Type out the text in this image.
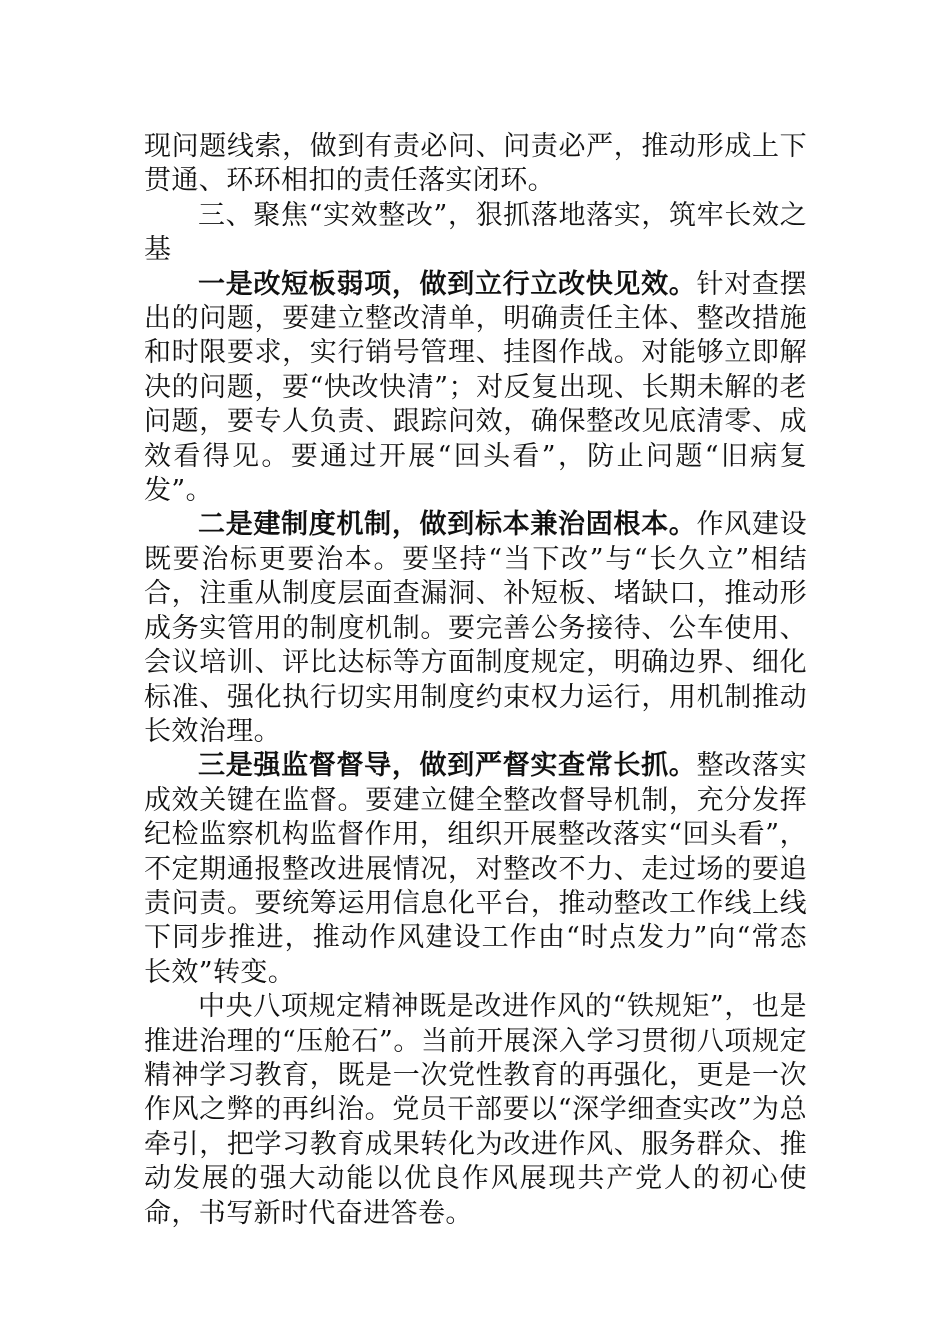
现问题线索，做到有责必问、问责必严，推动形成上下贯通、环环相扣的责任落实闭环。

三、聚焦“实效整改”，狠抓落地落实，筑牢长效之基

一是改短板弱项，做到立行立改快见效。针对查摆出的问题，要建立整改清单，明确责任主体、整改措施和时限要求，实行销号管理、挂图作战。对能够立即解决的问题，要“快改快清”；对反复出现、长期未解的老问题，要专人负责、跟踪问效，确保整改见底清零、成效看得见。要通过开展“回头看”，防止问题“旧病复发”。

二是建制度机制，做到标本兼治固根本。作风建设既要治标更要治本。要坚持“当下改”与“长久立”相结合，注重从制度层面查漏洞、补短板、堵缺口，推动形成务实管用的制度机制。要完善公务接待、公车使用、会议培训、评比达标等方面制度规定，明确边界、细化标准、强化执行切实用制度约束权力运行，用机制推动长效治理。

三是强监督督导，做到严督实查常长抓。整改落实成效关键在监督。要建立健全整改督导机制，充分发挥纪检监察机构监督作用，组织开展整改落实“回头看”，不定期通报整改进展情况，对整改不力、走过场的要追责问责。要统筹运用信息化平台，推动整改工作线上线下同步推进，推动作风建设工作由“时点发力”向“常态长效”转变。

中央八项规定精神既是改进作风的“铁规矩”，也是推进治理的“压舱石”。当前开展深入学习贯彻八项规定精神学习教育，既是一次党性教育的再强化，更是一次作风之弊的再纠治。党员干部要以“深学细查实改”为总牵引，把学习教育成果转化为改进作风、服务群众、推动发展的强大动能以优良作风展现共产党人的初心使命，书写新时代奋进答卷。
